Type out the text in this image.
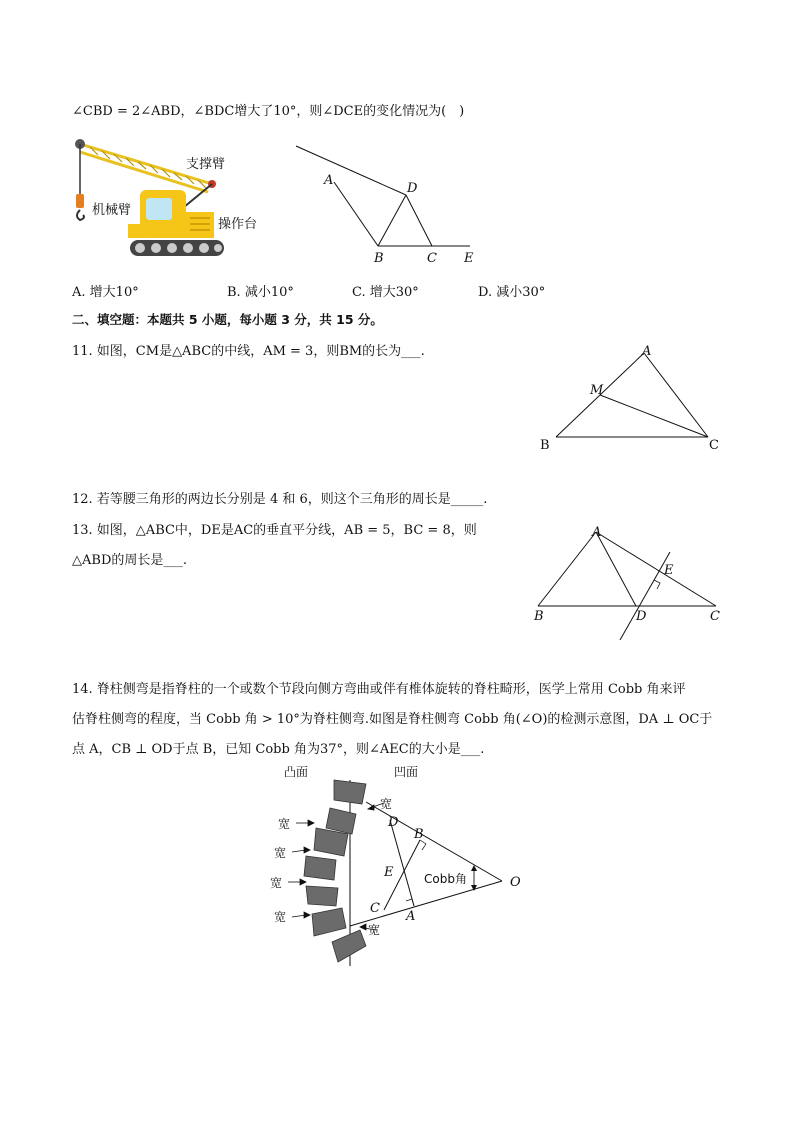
∠CBD = 2∠ABD，∠BDC增大了10°，则∠DCE的变化情况为(　)
支撑臂
机械臂
操作台
A
D
B	C E
A. 增大10°	B. 减小10°	C. 增大30°	D. 减小30°
二、填空题：本题共 5 小题，每小题 3 分，共 15 分。
11. 如图，CM是△ABC的中线，AM = 3，则BM的长为___.	A
M
B	C
12. 若等腰三角形的两边长分别是 4 和 6，则这个三角形的周长是_____.
13. 如图，△ABC中，DE是AC的垂直平分线，AB = 5，BC = 8，则
△ABD的周长是___.
A
E
B	D	C
14. 脊柱侧弯是指脊柱的一个或数个节段向侧方弯曲或伴有椎体旋转的脊柱畸形，医学上常用 Cobb 角来评
估脊柱侧弯的程度，当 Cobb 角 > 10°为脊柱侧弯.如图是脊柱侧弯 Cobb 角(∠O)的检测示意图，DA ⊥ OC于
点 A，CB ⊥ OD于点 B，已知 Cobb 角为37°，则∠AEC的大小是___.
凸面	凹面
宽
宽
宽
宽
宽
宽
Cobb角
D
B
E
C
A
O
